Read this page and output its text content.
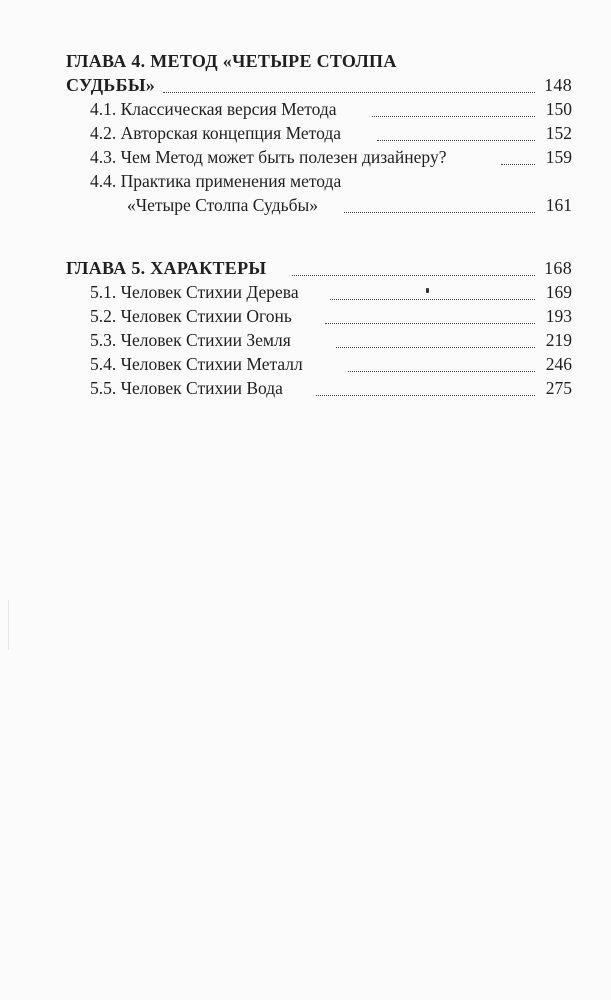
ГЛАВА 4. МЕТОД «ЧЕТЫРЕ СТОЛПА
СУДЬБЫ»	148
4.1. Классическая версия Метода	150
4.2. Авторская концепция Метода	152
4.3. Чем Метод может быть полезен дизайнеру?	159
4.4. Практика применения метода
«Четыре Столпа Судьбы»	161
ГЛАВА 5. ХАРАКТЕРЫ	168
5.1. Человек Стихии Дерева	169
5.2. Человек Стихии Огонь	193
5.3. Человек Стихии Земля	219
5.4. Человек Стихии Металл	246
5.5. Человек Стихии Вода	275
